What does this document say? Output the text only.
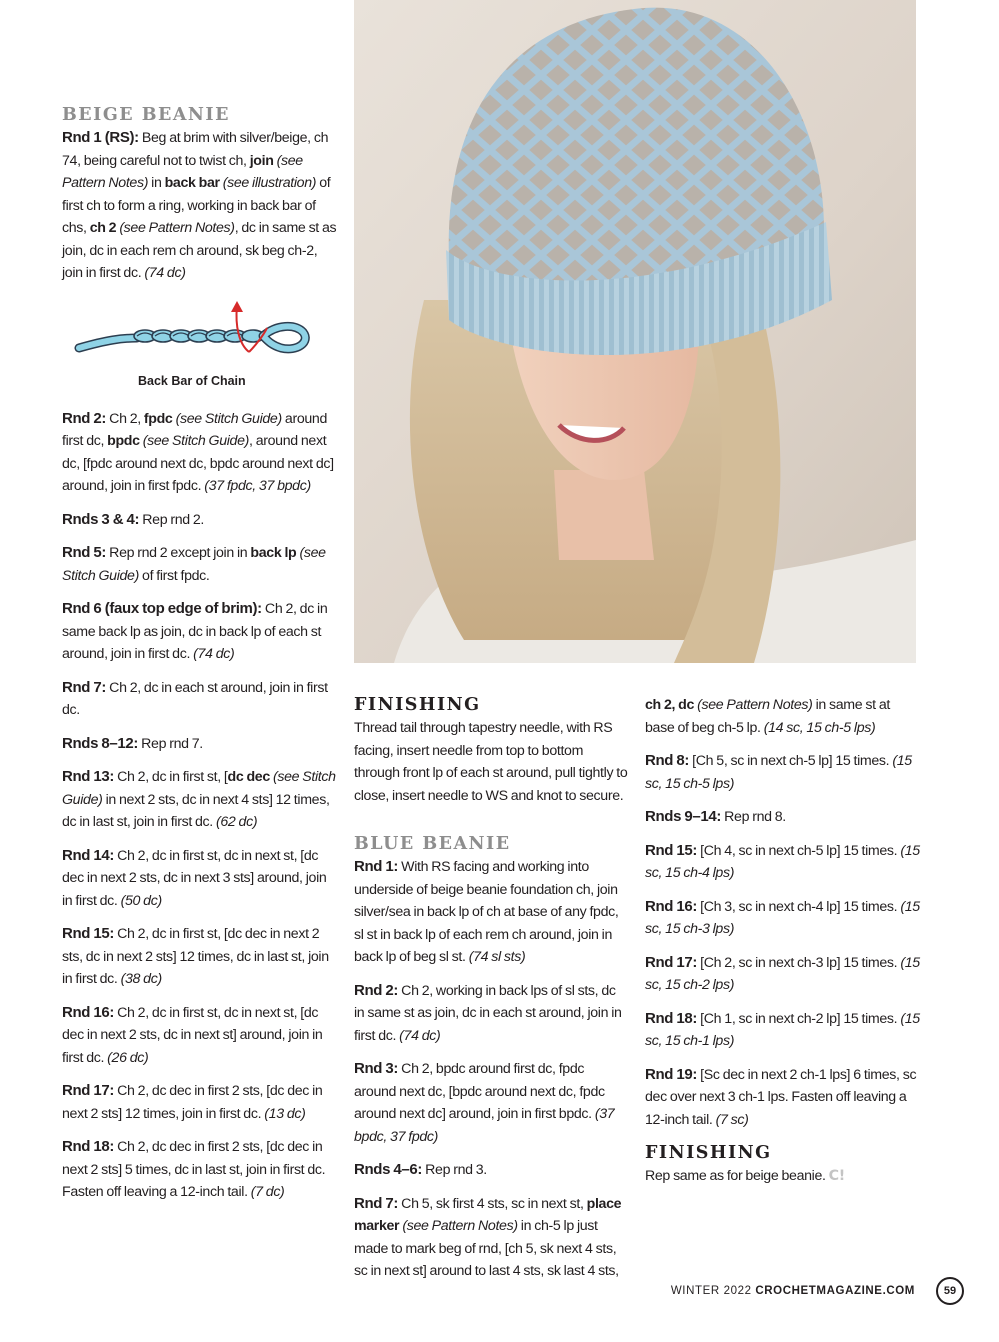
BEIGE BEANIE

Rnd 1 (RS): Beg at brim with silver/beige, ch 74, being careful not to twist ch, join (see Pattern Notes) in back bar (see illustration) of first ch to form a ring, working in back bar of chs, ch 2 (see Pattern Notes), dc in same st as join, dc in each rem ch around, sk beg ch-2, join in first dc. (74 dc)

Back Bar of Chain

Rnd 2: Ch 2, fpdc (see Stitch Guide) around first dc, bpdc (see Stitch Guide), around next dc, [fpdc around next dc, bpdc around next dc] around, join in first fpdc. (37 fpdc, 37 bpdc)

Rnds 3 & 4: Rep rnd 2.

Rnd 5: Rep rnd 2 except join in back lp (see Stitch Guide) of first fpdc.

Rnd 6 (faux top edge of brim): Ch 2, dc in same back lp as join, dc in back lp of each st around, join in first dc. (74 dc)

Rnd 7: Ch 2, dc in each st around, join in first dc.

Rnds 8–12: Rep rnd 7.

Rnd 13: Ch 2, dc in first st, [dc dec (see Stitch Guide) in next 2 sts, dc in next 4 sts] 12 times, dc in last st, join in first dc. (62 dc)

Rnd 14: Ch 2, dc in first st, dc in next st, [dc dec in next 2 sts, dc in next 3 sts] around, join in first dc. (50 dc)

Rnd 15: Ch 2, dc in first st, [dc dec in next 2 sts, dc in next 2 sts] 12 times, dc in last st, join in first dc. (38 dc)

Rnd 16: Ch 2, dc in first st, dc in next st, [dc dec in next 2 sts, dc in next st] around, join in first dc. (26 dc)

Rnd 17: Ch 2, dc dec in first 2 sts, [dc dec in next 2 sts] 12 times, join in first dc. (13 dc)

Rnd 18: Ch 2, dc dec in first 2 sts, [dc dec in next 2 sts] 5 times, dc in last st, join in first dc. Fasten off leaving a 12-inch tail. (7 dc)

FINISHING

Thread tail through tapestry needle, with RS facing, insert needle from top to bottom through front lp of each st around, pull tightly to close, insert needle to WS and knot to secure.

BLUE BEANIE

Rnd 1: With RS facing and working into underside of beige beanie foundation ch, join silver/sea in back lp of ch at base of any fpdc, sl st in back lp of each rem ch around, join in back lp of beg sl st. (74 sl sts)

Rnd 2: Ch 2, working in back lps of sl sts, dc in same st as join, dc in each st around, join in first dc. (74 dc)

Rnd 3: Ch 2, bpdc around first dc, fpdc around next dc, [bpdc around next dc, fpdc around next dc] around, join in first bpdc. (37 bpdc, 37 fpdc)

Rnds 4–6: Rep rnd 3.

Rnd 7: Ch 5, sk first 4 sts, sc in next st, place marker (see Pattern Notes) in ch-5 lp just made to mark beg of rnd, [ch 5, sk next 4 sts, sc in next st] around to last 4 sts, sk last 4 sts,

ch 2, dc (see Pattern Notes) in same st at base of beg ch-5 lp. (14 sc, 15 ch-5 lps)

Rnd 8: [Ch 5, sc in next ch-5 lp] 15 times. (15 sc, 15 ch-5 lps)

Rnds 9–14: Rep rnd 8.

Rnd 15: [Ch 4, sc in next ch-5 lp] 15 times. (15 sc, 15 ch-4 lps)

Rnd 16: [Ch 3, sc in next ch-4 lp] 15 times. (15 sc, 15 ch-3 lps)

Rnd 17: [Ch 2, sc in next ch-3 lp] 15 times. (15 sc, 15 ch-2 lps)

Rnd 18: [Ch 1, sc in next ch-2 lp] 15 times. (15 sc, 15 ch-1 lps)

Rnd 19: [Sc dec in next 2 ch-1 lps] 6 times, sc dec over next 3 ch-1 lps. Fasten off leaving a 12-inch tail. (7 sc)

FINISHING

Rep same as for beige beanie. C!

WINTER 2022 CROCHETMAGAZINE.COM	59
